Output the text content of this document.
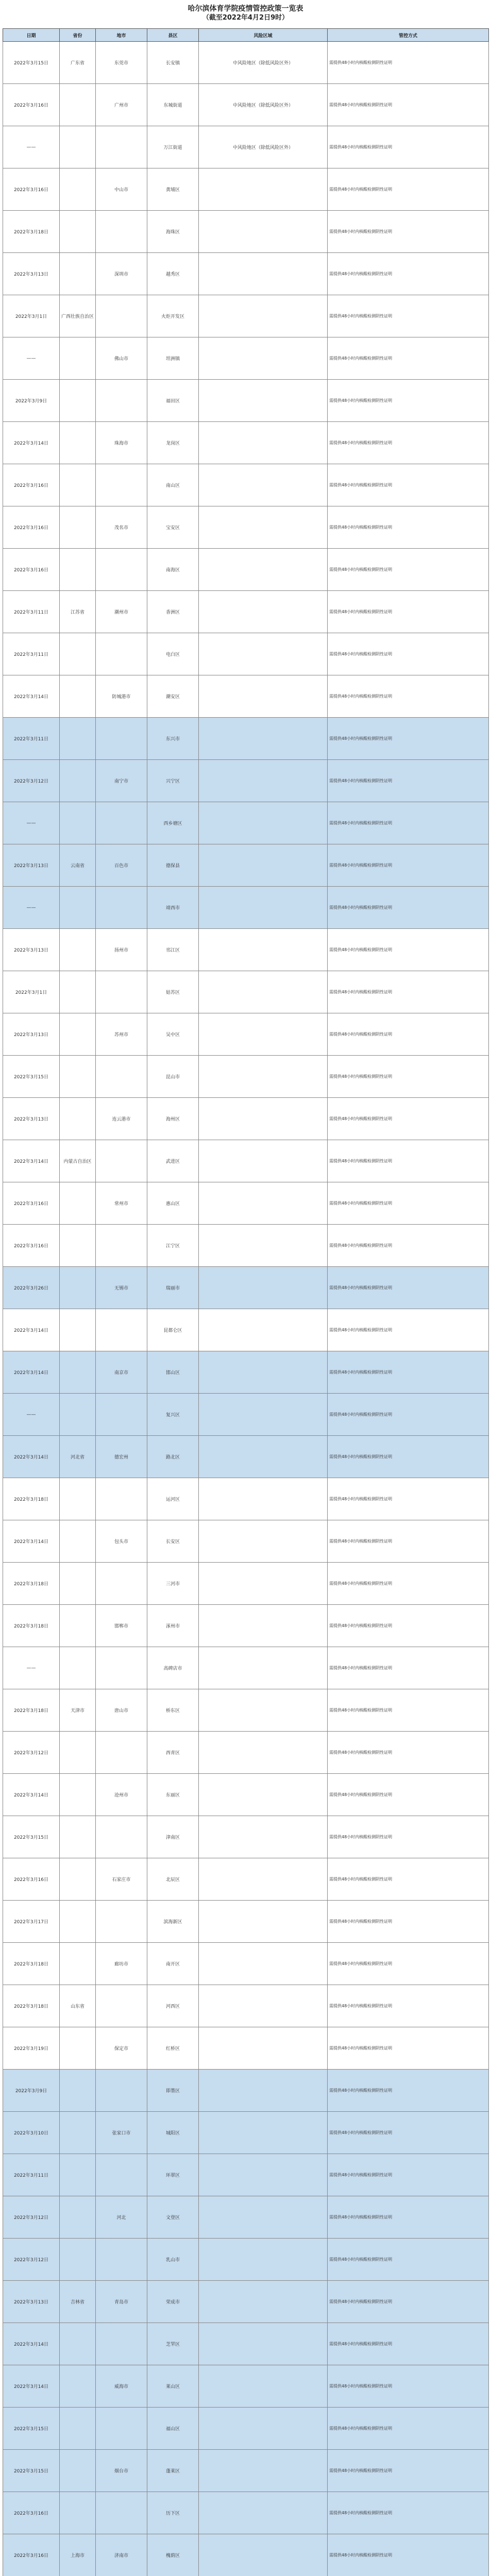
哈尔滨体育学院疫情管控政策一览表
（截至2022年4月2日9时）
日期	省份	地市	县区	风险区域	管控方式
2022年3月15日	广东省	东莞市	长安镇	中风险地区（除低风险区外）	需提供48小时内核酸检测阴性证明
2022年3月16日		广州市	东城街道	中风险地区（除低风险区外）	需提供48小时内核酸检测阴性证明
——			万江街道	中风险地区（除低风险区外）	需提供48小时内核酸检测阴性证明
2022年3月16日		中山市	黄埔区		需提供48小时内核酸检测阴性证明
2022年3月18日			海珠区		需提供48小时内核酸检测阴性证明
2022年3月13日		深圳市	越秀区		需提供48小时内核酸检测阴性证明
2022年3月1日	广西壮族自治区		火炬开发区		需提供48小时内核酸检测阴性证明
——		佛山市	坦洲镇		需提供48小时内核酸检测阴性证明
2022年3月9日			福田区		需提供48小时内核酸检测阴性证明
2022年3月14日		珠海市	龙岗区		需提供48小时内核酸检测阴性证明
2022年3月16日			南山区		需提供48小时内核酸检测阴性证明
2022年3月16日		茂名市	宝安区		需提供48小时内核酸检测阴性证明
2022年3月16日			南海区		需提供48小时内核酸检测阴性证明
2022年3月11日	江苏省	潮州市	香洲区		需提供48小时内核酸检测阴性证明
2022年3月11日			电白区		需提供48小时内核酸检测阴性证明
2022年3月14日		防城港市	潮安区		需提供48小时内核酸检测阴性证明
2022年3月11日			东兴市		需提供48小时内核酸检测阴性证明
2022年3月12日		南宁市	兴宁区		需提供48小时内核酸检测阴性证明
——			西乡塘区		需提供48小时内核酸检测阴性证明
2022年3月13日	云南省	百色市	德保县		需提供48小时内核酸检测阴性证明
——			靖西市		需提供48小时内核酸检测阴性证明
2022年3月13日		扬州市	邗江区		需提供48小时内核酸检测阴性证明
2022年3月1日			姑苏区		需提供48小时内核酸检测阴性证明
2022年3月13日		苏州市	吴中区		需提供48小时内核酸检测阴性证明
2022年3月15日			昆山市		需提供48小时内核酸检测阴性证明
2022年3月13日		连云港市	海州区		需提供48小时内核酸检测阴性证明
2022年3月14日	内蒙古自治区		武进区		需提供48小时内核酸检测阴性证明
2022年3月16日		常州市	惠山区		需提供48小时内核酸检测阴性证明
2022年3月16日			江宁区		需提供48小时内核酸检测阴性证明
2022年3月26日		无锡市	瑞丽市		需提供48小时内核酸检测阴性证明
2022年3月14日			昆都仑区		需提供48小时内核酸检测阴性证明
2022年3月14日		南京市	邯山区		需提供48小时内核酸检测阴性证明
——			复兴区		需提供48小时内核酸检测阴性证明
2022年3月14日	河北省	德宏州	路北区		需提供48小时内核酸检测阴性证明
2022年3月18日			运河区		需提供48小时内核酸检测阴性证明
2022年3月14日		包头市	长安区		需提供48小时内核酸检测阴性证明
2022年3月18日			三河市		需提供48小时内核酸检测阴性证明
2022年3月18日		邯郸市	涿州市		需提供48小时内核酸检测阴性证明
——			高碑店市		需提供48小时内核酸检测阴性证明
2022年3月18日	天津市	唐山市	桥东区		需提供48小时内核酸检测阴性证明
2022年3月12日			西青区		需提供48小时内核酸检测阴性证明
2022年3月14日		沧州市	东丽区		需提供48小时内核酸检测阴性证明
2022年3月15日			津南区		需提供48小时内核酸检测阴性证明
2022年3月16日		石家庄市	北辰区		需提供48小时内核酸检测阴性证明
2022年3月17日			滨海新区		需提供48小时内核酸检测阴性证明
2022年3月18日		廊坊市	南开区		需提供48小时内核酸检测阴性证明
2022年3月18日	山东省		河西区		需提供48小时内核酸检测阴性证明
2022年3月19日		保定市	红桥区		需提供48小时内核酸检测阴性证明
2022年3月9日			即墨区		需提供48小时内核酸检测阴性证明
2022年3月10日		张家口市	城阳区		需提供48小时内核酸检测阴性证明
2022年3月11日			环翠区		需提供48小时内核酸检测阴性证明
2022年3月12日		河北	文登区		需提供48小时内核酸检测阴性证明
2022年3月12日			乳山市		需提供48小时内核酸检测阴性证明
2022年3月13日	吉林省	青岛市	荣成市		需提供48小时内核酸检测阴性证明
2022年3月14日			芝罘区		需提供48小时内核酸检测阴性证明
2022年3月14日		威海市	莱山区		需提供48小时内核酸检测阴性证明
2022年3月15日			福山区		需提供48小时内核酸检测阴性证明
2022年3月15日		烟台市	蓬莱区		需提供48小时内核酸检测阴性证明
2022年3月16日			历下区		需提供48小时内核酸检测阴性证明
2022年3月16日	上海市	济南市	槐荫区		需提供48小时内核酸检测阴性证明
